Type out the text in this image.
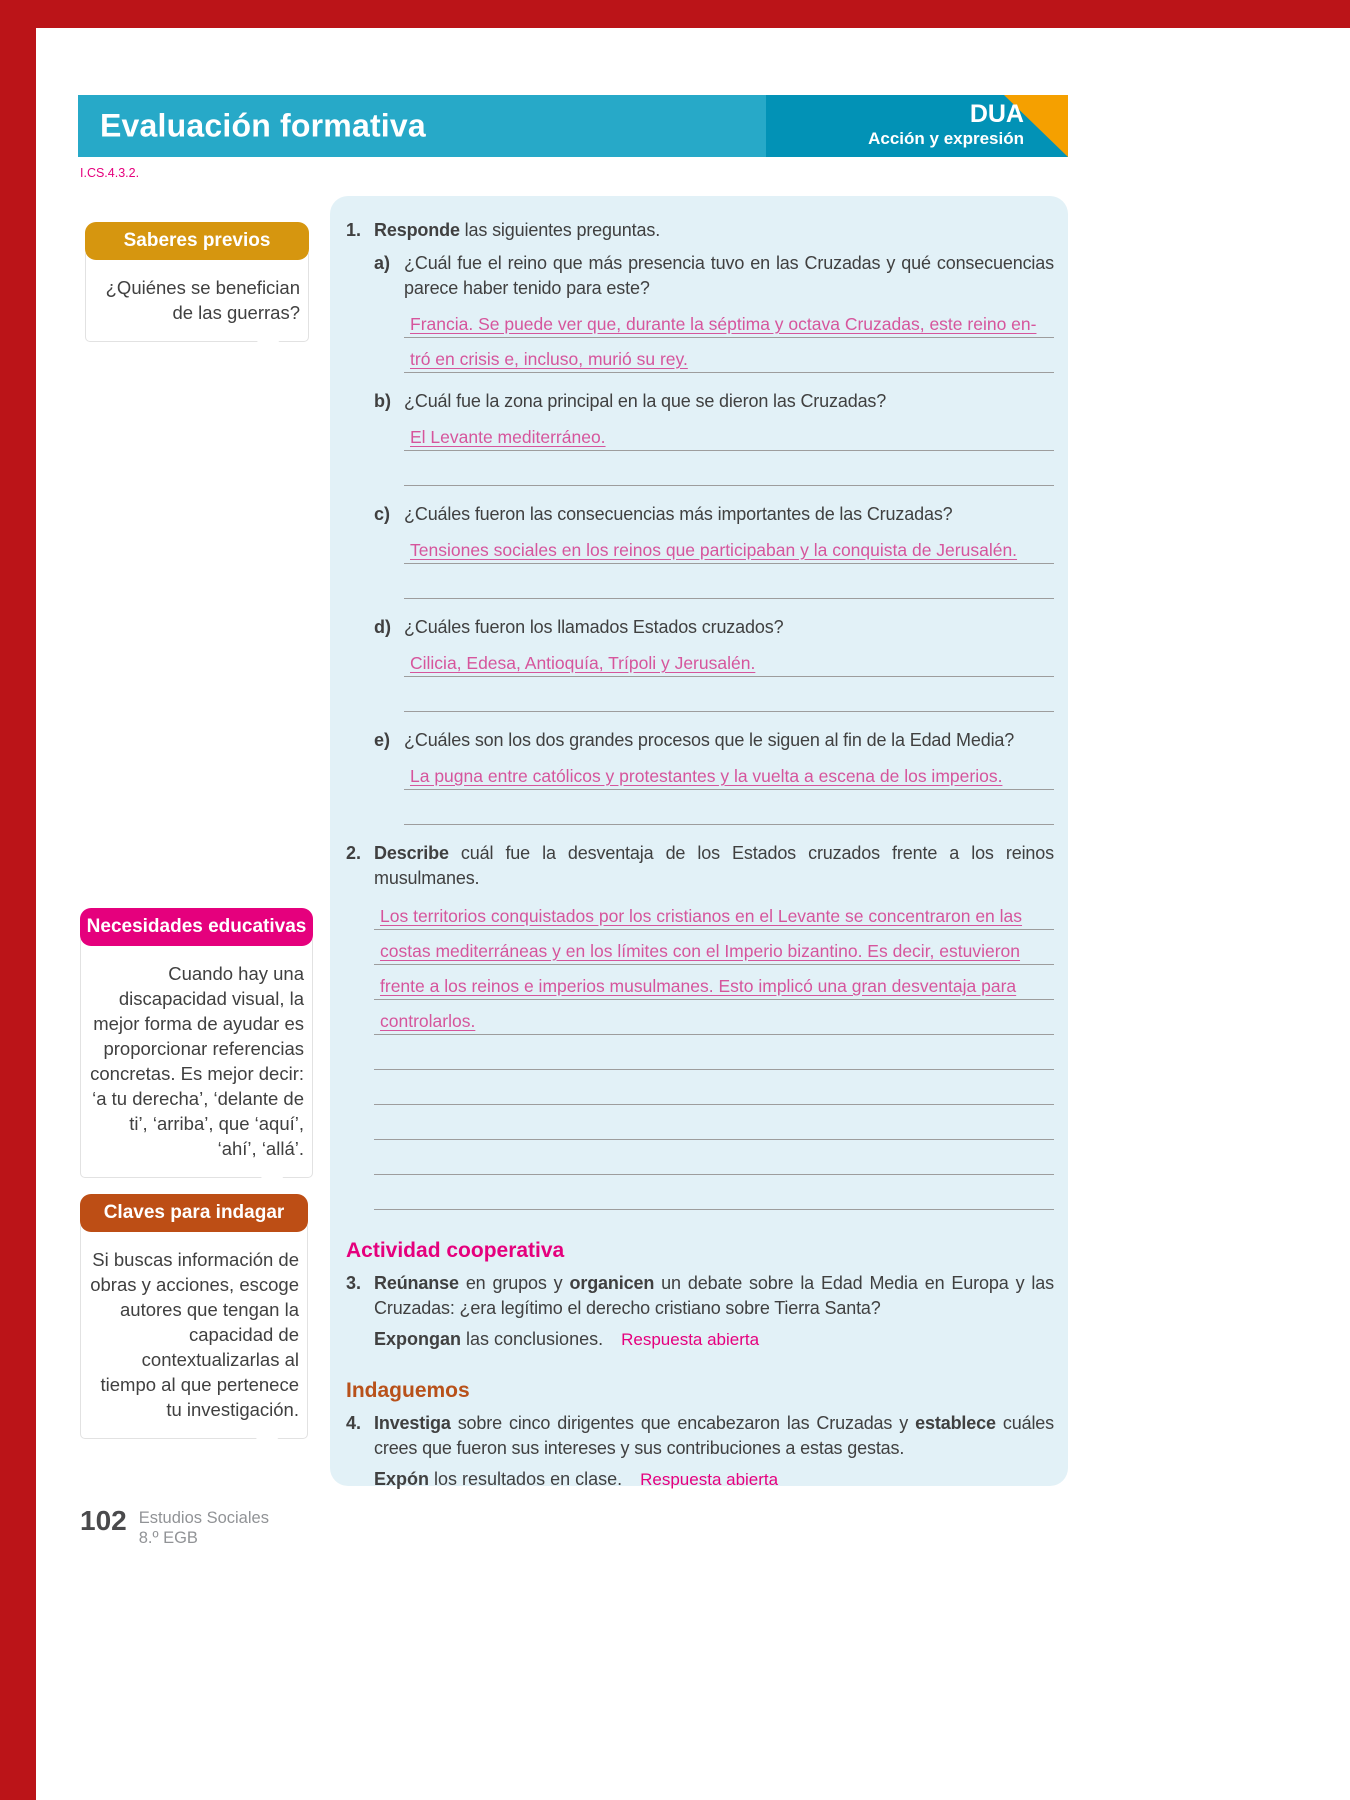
Evaluación formativa	DUA
Acción y expresión
I.CS.4.3.2.
Saberes previos

¿Quiénes se benefician de las guerras?

Necesidades educativas

Cuando hay una discapacidad visual, la mejor forma de ayudar es proporcionar referencias concretas. Es mejor decir: ‘a tu derecha’, ‘delante de ti’, ‘arriba’, que ‘aquí’, ‘ahí’, ‘allá’.

Claves para indagar

Si buscas información de obras y acciones, escoge autores que tengan la capacidad de contextualizarlas al tiempo al que pertenece tu investigación.

1. Responde las siguientes preguntas.

a) ¿Cuál fue el reino que más presencia tuvo en las Cruzadas y qué consecuencias parece haber tenido para este?

Francia. Se puede ver que, durante la séptima y octava Cruzadas, este reino en-
tró en crisis e, incluso, murió su rey.
b) ¿Cuál fue la zona principal en la que se dieron las Cruzadas?

El Levante mediterráneo.
c) ¿Cuáles fueron las consecuencias más importantes de las Cruzadas?

Tensiones sociales en los reinos que participaban y la conquista de Jerusalén.
d) ¿Cuáles fueron los llamados Estados cruzados?

Cilicia, Edesa, Antioquía, Trípoli y Jerusalén.
e) ¿Cuáles son los dos grandes procesos que le siguen al fin de la Edad Media?

La pugna entre católicos y protestantes y la vuelta a escena de los imperios.
2. Describe cuál fue la desventaja de los Estados cruzados frente a los reinos musulmanes.

Los territorios conquistados por los cristianos en el Levante se concentraron en las
costas mediterráneas y en los límites con el Imperio bizantino. Es decir, estuvieron
frente a los reinos e imperios musulmanes. Esto implicó una gran desventaja para
controlarlos.
Actividad cooperativa
3. Reúnanse en grupos y organicen un debate sobre la Edad Media en Europa y las Cruzadas: ¿era legítimo el derecho cristiano sobre Tierra Santa?

Expongan las conclusiones. Respuesta abierta

Indaguemos
4. Investiga sobre cinco dirigentes que encabezaron las Cruzadas y establece cuáles crees que fueron sus intereses y sus contribuciones a estas gestas.

Expón los resultados en clase. Respuesta abierta

102 Estudios Sociales
8.º EGB
